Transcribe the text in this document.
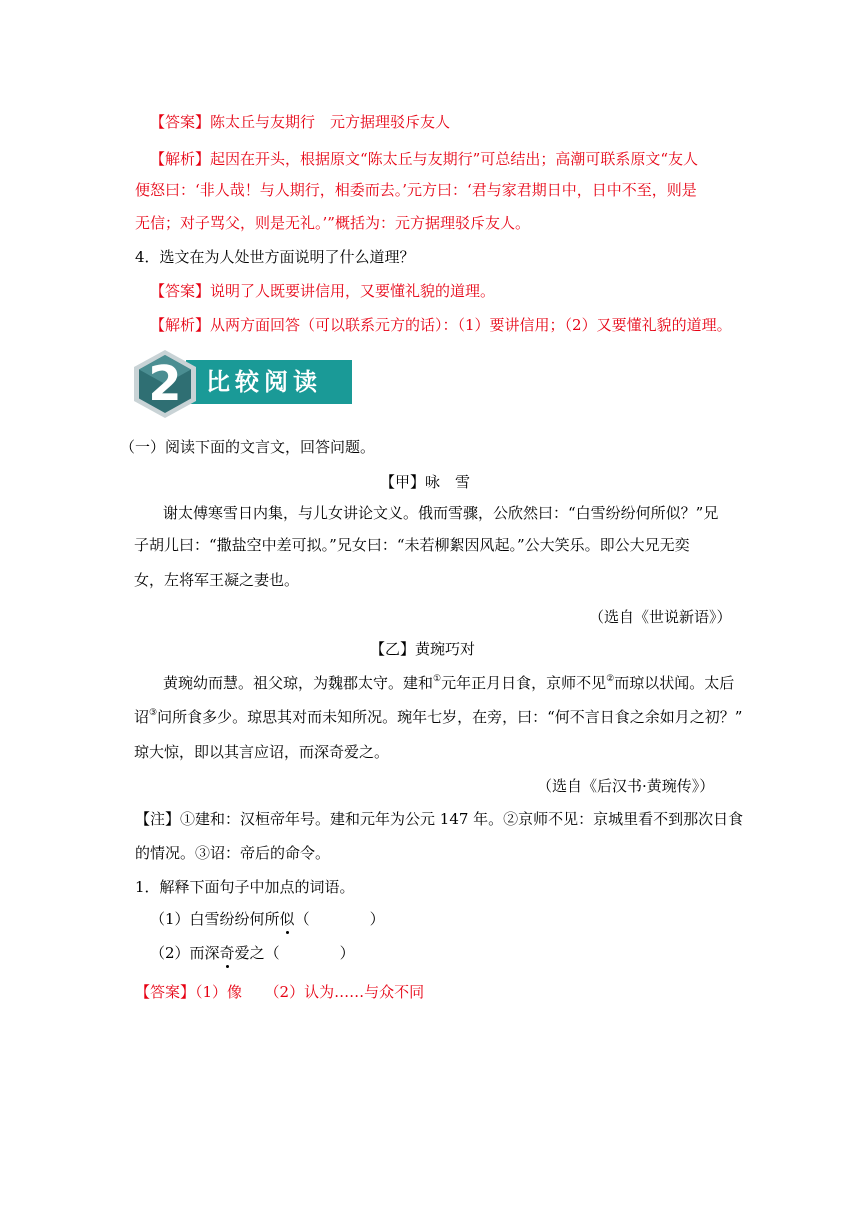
【答案】陈太丘与友期行　元方据理驳斥友人
【解析】起因在开头，根据原文“陈太丘与友期行”可总结出；高潮可联系原文“友人
便怒曰：‘非人哉！与人期行，相委而去。’元方曰：‘君与家君期日中，日中不至，则是
无信；对子骂父，则是无礼。’”概括为：元方据理驳斥友人。
4．选文在为人处世方面说明了什么道理？
【答案】说明了人既要讲信用，又要懂礼貌的道理。
【解析】从两方面回答（可以联系元方的话）：（1）要讲信用；（2）又要懂礼貌的道理。
比较阅读
2
（一）阅读下面的文言文，回答问题。
【甲】咏　雪
谢太傅寒雪日内集，与儿女讲论文义。俄而雪骤，公欣然曰：“白雪纷纷何所似？”兄
子胡儿曰：“撒盐空中差可拟。”兄女曰：“未若柳絮因风起。”公大笑乐。即公大兄无奕
女，左将军王凝之妻也。
（选自《世说新语》）
【乙】黄琬巧对
黄琬幼而慧。祖父琼，为魏郡太守。建和①元年正月日食，京师不见②而琼以状闻。太后
诏③问所食多少。琼思其对而未知所况。琬年七岁，在旁，曰：“何不言日食之余如月之初？”
琼大惊，即以其言应诏，而深奇爱之。
（选自《后汉书·黄琬传》）
【注】①建和：汉桓帝年号。建和元年为公元 147 年。②京师不见：京城里看不到那次日食
的情况。③诏：帝后的命令。
1．解释下面句子中加点的词语。
（1）白雪纷纷何所似（　　　　）
（2）而深奇爱之（　　　　）
【答案】（1）像　　（2）认为……与众不同
